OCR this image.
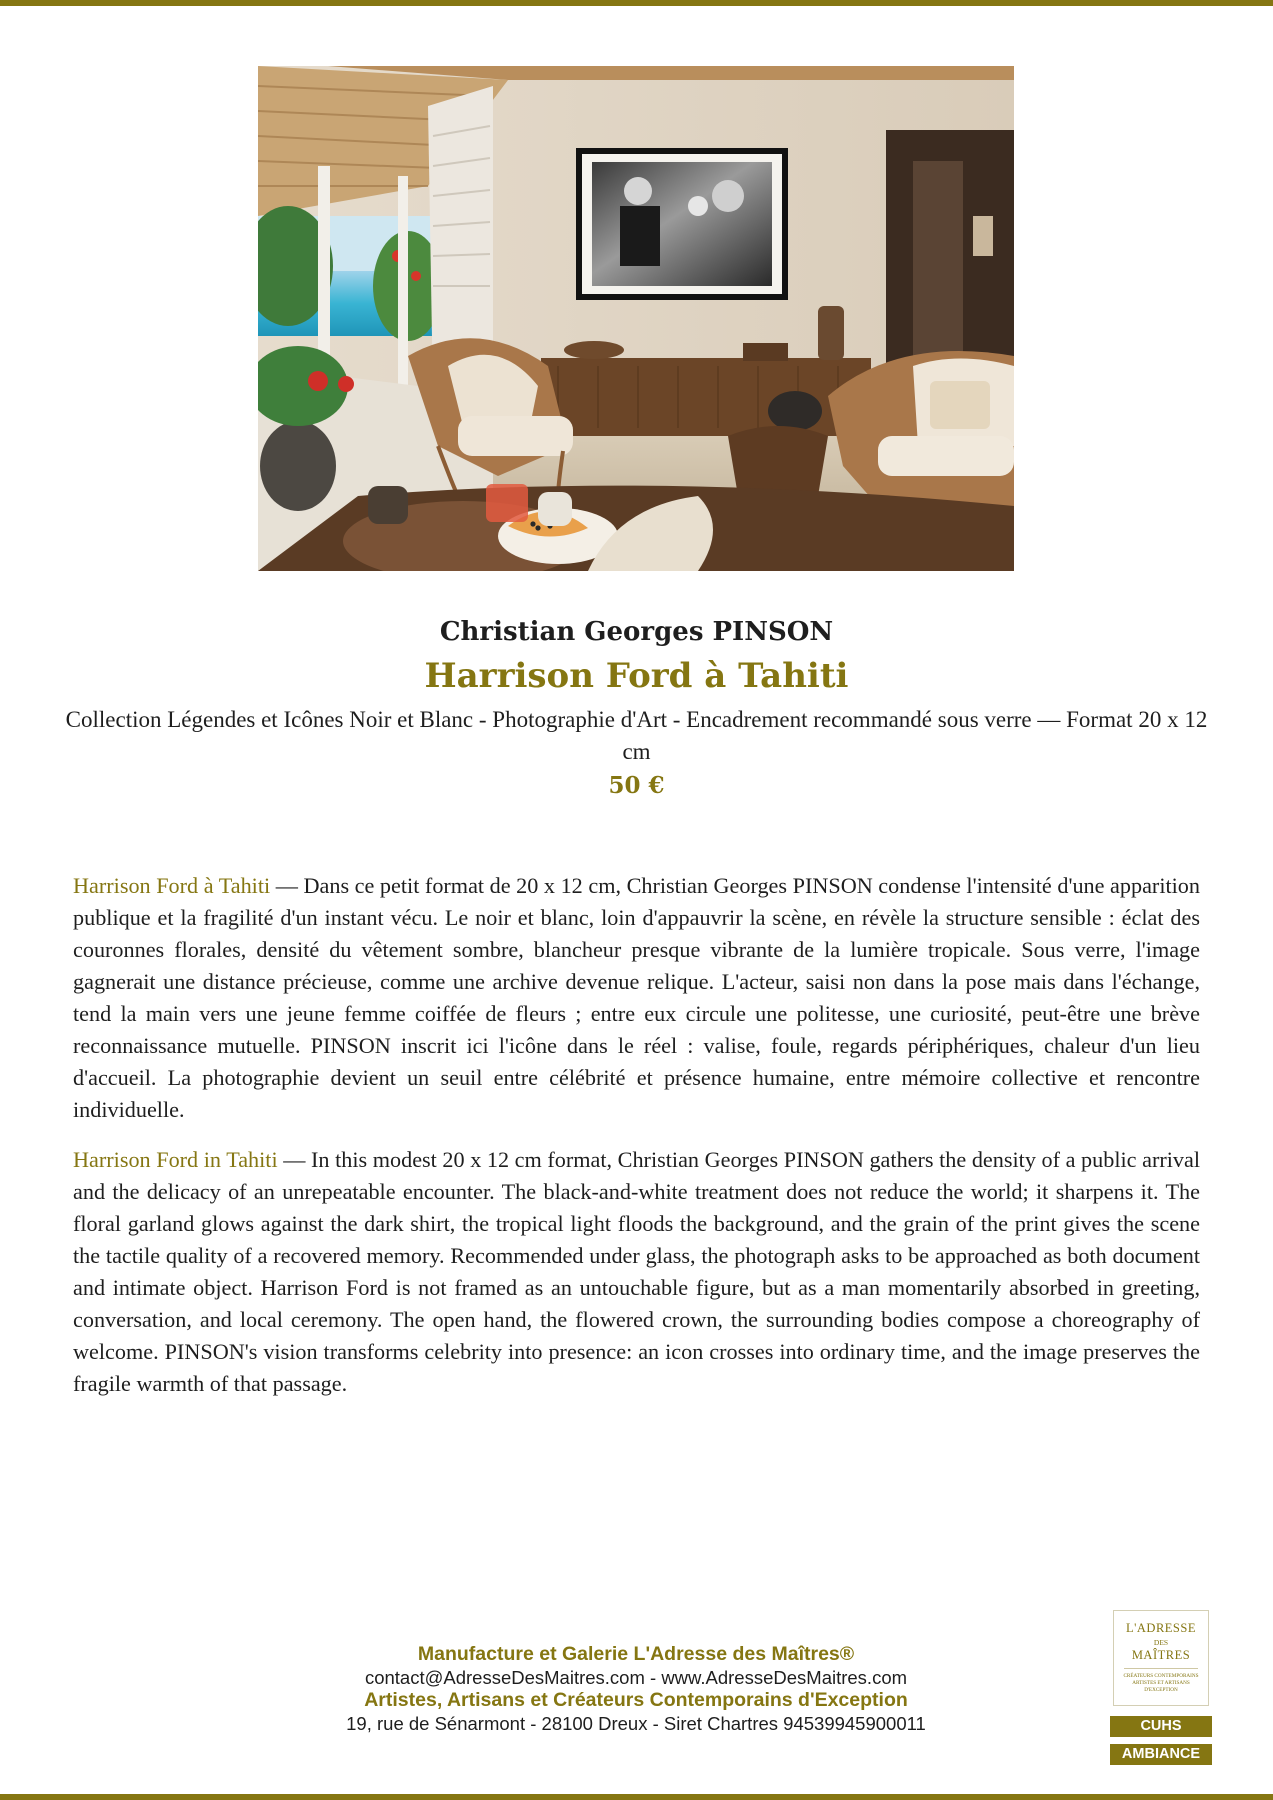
Christian Georges PINSON
Harrison Ford à Tahiti
Collection Légendes et Icônes Noir et Blanc - Photographie d'Art - Encadrement recommandé sous verre — Format 20 x 12 cm
50 €

Harrison Ford à Tahiti — Dans ce petit format de 20 x 12 cm, Christian Georges PINSON condense l'intensité d'une apparition publique et la fragilité d'un instant vécu. Le noir et blanc, loin d'appauvrir la scène, en révèle la structure sensible : éclat des couronnes florales, densité du vêtement sombre, blancheur presque vibrante de la lumière tropicale. Sous verre, l'image gagnerait une distance précieuse, comme une archive devenue relique. L'acteur, saisi non dans la pose mais dans l'échange, tend la main vers une jeune femme coiffée de fleurs ; entre eux circule une politesse, une curiosité, peut-être une brève reconnaissance mutuelle. PINSON inscrit ici l'icône dans le réel : valise, foule, regards périphériques, chaleur d'un lieu d'accueil. La photographie devient un seuil entre célébrité et présence humaine, entre mémoire collective et rencontre individuelle.

Harrison Ford in Tahiti — In this modest 20 x 12 cm format, Christian Georges PINSON gathers the density of a public arrival and the delicacy of an unrepeatable encounter. The black-and-white treatment does not reduce the world; it sharpens it. The floral garland glows against the dark shirt, the tropical light floods the background, and the grain of the print gives the scene the tactile quality of a recovered memory. Recommended under glass, the photograph asks to be approached as both document and intimate object. Harrison Ford is not framed as an untouchable figure, but as a man momentarily absorbed in greeting, conversation, and local ceremony. The open hand, the flowered crown, the surrounding bodies compose a choreography of welcome. PINSON's vision transforms celebrity into presence: an icon crosses into ordinary time, and the image preserves the fragile warmth of that passage.

Manufacture et Galerie L'Adresse des Maîtres®
contact@AdresseDesMaitres.com - www.AdresseDesMaitres.com
Artistes, Artisans et Créateurs Contemporains d'Exception
19, rue de Sénarmont - 28100 Dreux - Siret Chartres 94539945900011
L'ADRESSE
DES
MAÎTRES
CRÉATEURS CONTEMPORAINS ARTISTES ET ARTISANS D'EXCEPTION
CUHS
AMBIANCE
